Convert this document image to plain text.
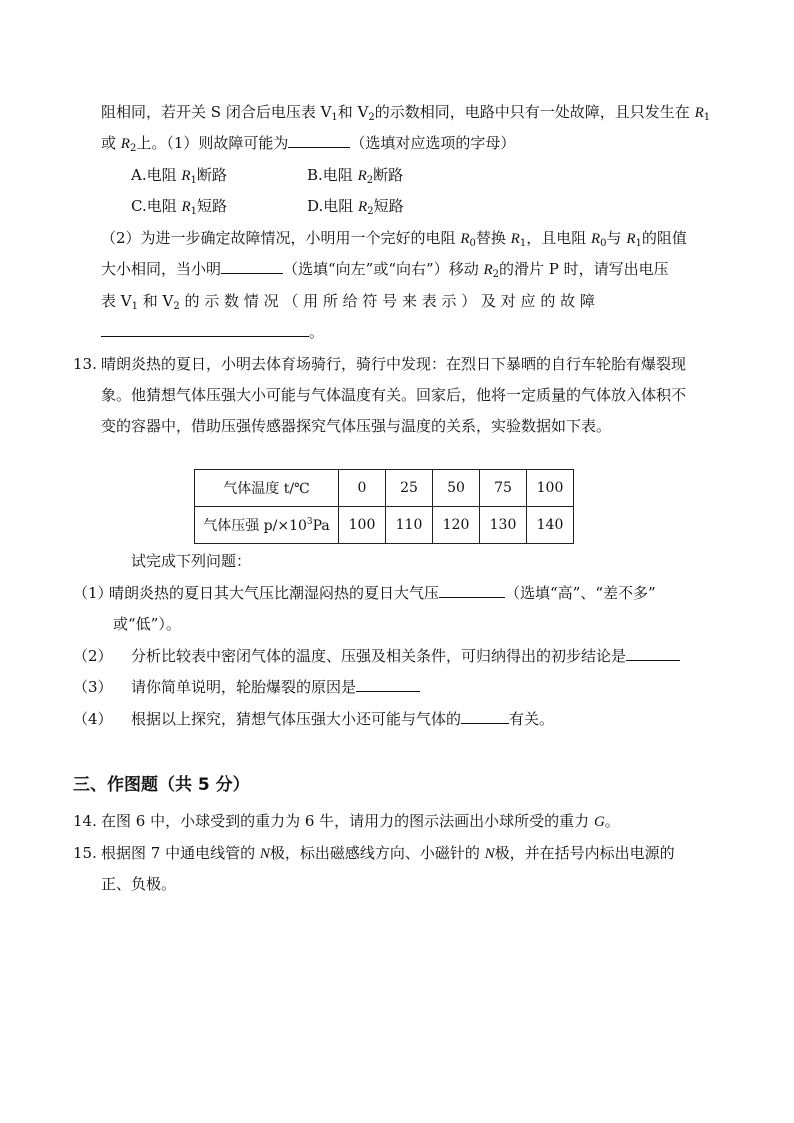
阻相同，若开关 S 闭合后电压表 $V_1$和 $V_2$的示数相同，电路中只有一处故障，且只发生在 $R_1$
或 $R_2$上。（1）则故障可能为	（选填对应选项的字母）
A.电阻 $R_1$断路	B.电阻 $R_2$断路
C.电阻 $R_1$短路	D.电阻 $R_2$短路
（2）为进一步确定故障情况，小明用一个完好的电阻 $R_0$替换 $R_1$，且电阻 $R_0$与 $R_1$的阻值
大小相同，当小明	（选填“向左”或“向右”）移动 $R_2$的滑片 P 时，请写出电压
表 $V_1$ 和 $V_2$ 的 示 数 情 况 （ 用 所 给 符 号 来 表 示 ） 及 对 应 的 故 障
。
13. 晴朗炎热的夏日，小明去体育场骑行，骑行中发现：在烈日下暴晒的自行车轮胎有爆裂现
象。他猜想气体压强大小可能与气体温度有关。回家后，他将一定质量的气体放入体积不
变的容器中，借助压强传感器探究气体压强与温度的关系，实验数据如下表。
气体温度 t/℃	0	25	50	75	100
气体压强 $p/\times 10^3Pa$	100	110	120	130	140
试完成下列问题：
（1）
晴朗炎热的夏日其大气压比潮湿闷热的夏日大气压	（选填“高”、“差不多”
或“低”）。
（2） 分析比较表中密闭气体的温度、压强及相关条件，可归纳得出的初步结论是
（3） 请你简单说明，轮胎爆裂的原因是
（4） 根据以上探究，猜想气体压强大小还可能与气体的	有关。
三、作图题（共 5 分）
14. 在图 6 中，小球受到的重力为 6 牛，请用力的图示法画出小球所受的重力 G。
15. 根据图 7 中通电线管的 N极，标出磁感线方向、小磁针的 N极，并在括号内标出电源的
正、负极。
